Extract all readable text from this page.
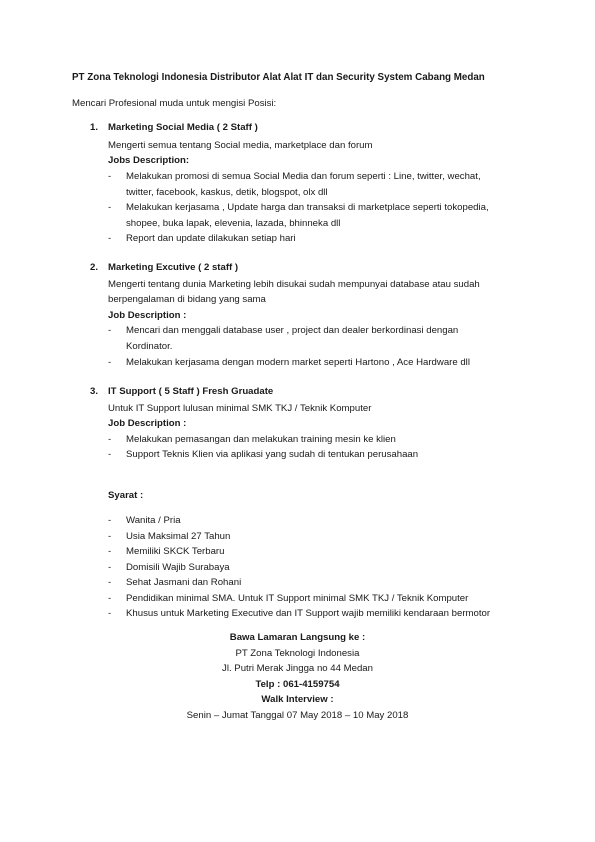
PT Zona Teknologi Indonesia Distributor Alat Alat IT dan Security System Cabang Medan
Mencari Profesional muda untuk mengisi Posisi:
1. Marketing Social Media ( 2 Staff )
Mengerti semua tentang Social media, marketplace dan forum
Jobs Description:
- Melakukan promosi di semua Social Media dan forum seperti : Line, twitter, wechat,
twitter, facebook, kaskus, detik, blogspot, olx dll
- Melakukan kerjasama , Update harga dan transaksi di marketplace seperti tokopedia,
shopee, buka lapak, elevenia, lazada, bhinneka dll
- Report dan update dilakukan setiap hari
2. Marketing Excutive ( 2 staff )
Mengerti tentang dunia Marketing lebih disukai sudah mempunyai database atau sudah
berpengalaman di bidang yang sama
Job Description :
- Mencari dan menggali database user , project dan dealer berkordinasi dengan
Kordinator.
- Melakukan kerjasama dengan modern market seperti Hartono , Ace Hardware dll
3. IT Support ( 5 Staff ) Fresh Gruadate
Untuk IT Support lulusan minimal SMK TKJ / Teknik Komputer
Job Description :
- Melakukan pemasangan dan melakukan training mesin ke klien
- Support Teknis Klien via aplikasi yang sudah di tentukan perusahaan
Syarat :
- Wanita / Pria
- Usia Maksimal 27 Tahun
- Memiliki SKCK Terbaru
- Domisili Wajib Surabaya
- Sehat Jasmani dan Rohani
- Pendidikan minimal SMA. Untuk IT Support minimal SMK TKJ / Teknik Komputer
- Khusus untuk Marketing Executive dan IT Support wajib memiliki kendaraan bermotor
Bawa Lamaran Langsung ke :
PT Zona Teknologi Indonesia
Jl. Putri Merak Jingga no 44 Medan
Telp : 061-4159754
Walk Interview :
Senin – Jumat Tanggal 07 May 2018 – 10 May 2018
